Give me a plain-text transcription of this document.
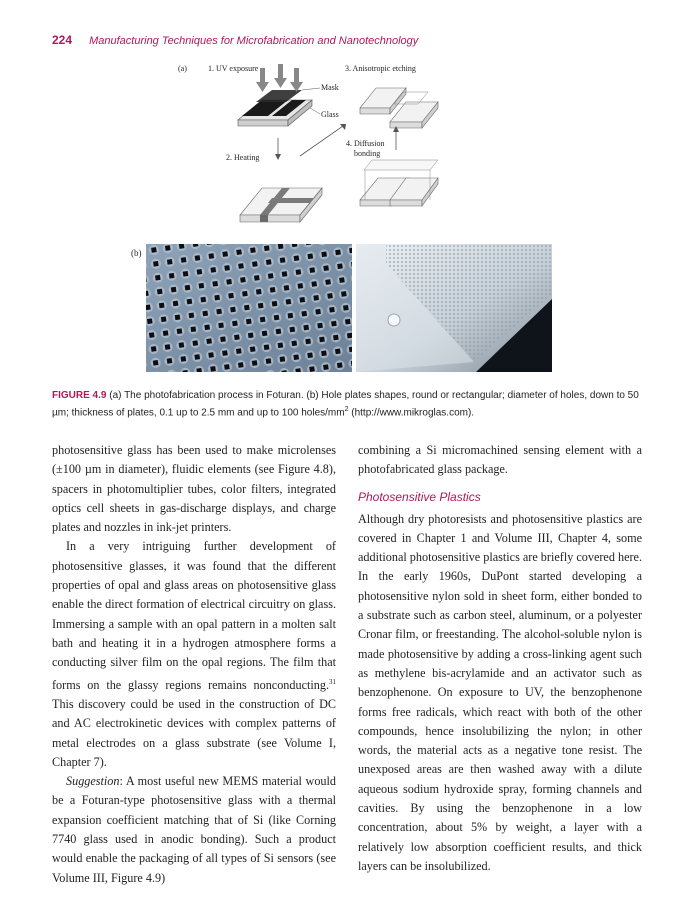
224 Manufacturing Techniques for Microfabrication and Nanotechnology
(a)	1. UV exposure	3. Anisotropic etching
Mask
Glass
4. Diffusion
bonding
2. Heating
(b)
FIGURE 4.9 (a) The photofabrication process in Foturan. (b) Hole plates shapes, round or rectangular; diameter of holes, down to 50 µm; thickness of plates, 0.1 up to 2.5 mm and up to 100 holes/$mm^2$ (http://www.mikroglas.com).

photosensitive glass has been used to make microlenses (±100 µm in diameter), fluidic elements (see Figure 4.8), spacers in photomultiplier tubes, color filters, integrated optics cell sheets in gas-discharge displays, and charge plates and nozzles in ink-jet printers.

In a very intriguing further development of photosensitive glasses, it was found that the different properties of opal and glass areas on photosensitive glass enable the direct formation of electrical circuitry on glass. Immersing a sample with an opal pattern in a molten salt bath and heating it in a hydrogen atmosphere forms a conducting silver film on the opal regions. The film that forms on the glassy regions remains nonconducting.$^{31}$ This discovery could be used in the construction of DC and AC electrokinetic devices with complex patterns of metal electrodes on a glass substrate (see Volume I, Chapter 7).

Suggestion: A most useful new MEMS material would be a Foturan-type photosensitive glass with a thermal expansion coefficient matching that of Si (like Corning 7740 glass used in anodic bonding). Such a product would enable the packaging of all types of Si sensors (see Volume III, Figure 4.9)

combining a Si micromachined sensing element with a photofabricated glass package.

Photosensitive Plastics

Although dry photoresists and photosensitive plastics are covered in Chapter 1 and Volume III, Chapter 4, some additional photosensitive plastics are briefly covered here. In the early 1960s, DuPont started developing a photosensitive nylon sold in sheet form, either bonded to a substrate such as carbon steel, aluminum, or a polyester Cronar film, or freestanding. The alcohol-soluble nylon is made photosensitive by adding a cross-linking agent such as methylene bis-acrylamide and an activator such as benzophenone. On exposure to UV, the benzophenone forms free radicals, which react with both of the other compounds, hence insolubilizing the nylon; in other words, the material acts as a negative tone resist. The unexposed areas are then washed away with a dilute aqueous sodium hydroxide spray, forming channels and cavities. By using the benzophenone in a low concentration, about 5% by weight, a layer with a relatively low absorption coefficient results, and thick layers can be insolubilized.
